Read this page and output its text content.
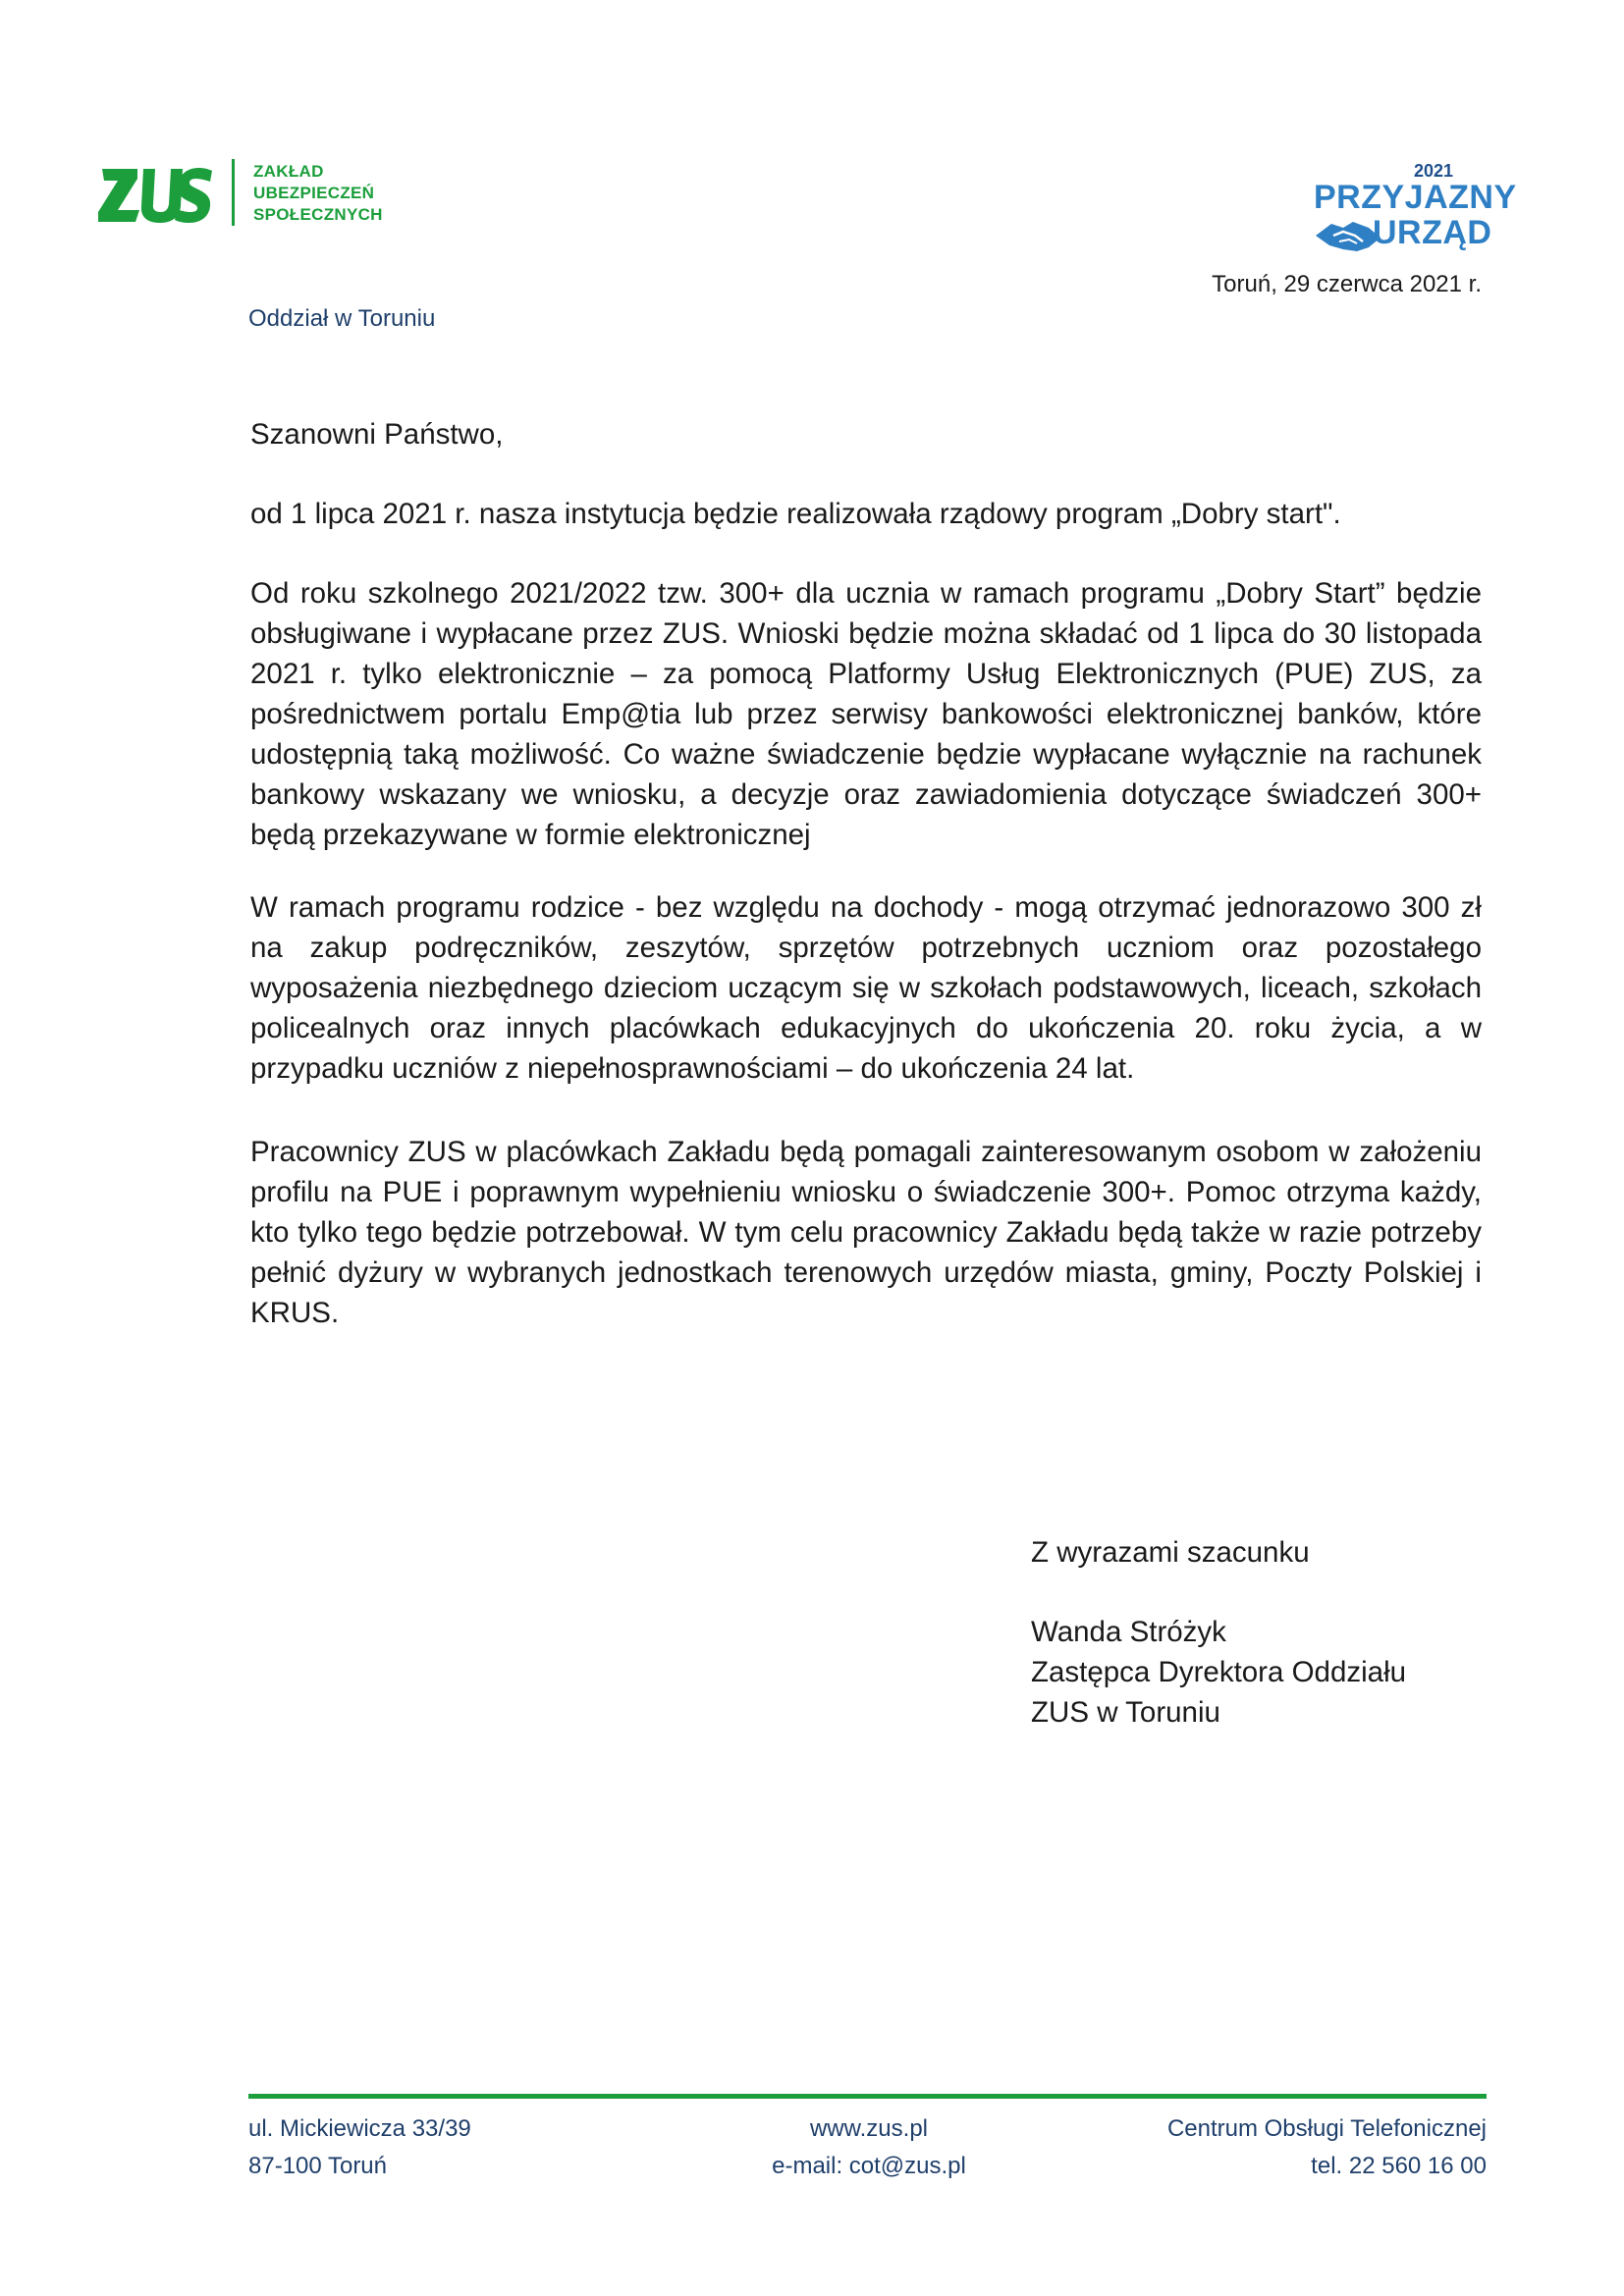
ZAKŁAD
UBEZPIECZEŃ
SPOŁECZNYCH
2021
PRZYJAZNY
URZĄD
Toruń, 29 czerwca 2021 r.
Oddział w Toruniu

Szanowni Państwo,

od 1 lipca 2021 r. nasza instytucja będzie realizowała rządowy program „Dobry start".

Od roku szkolnego 2021/2022 tzw. 300+ dla ucznia w ramach programu „Dobry Start” będzie obsługiwane i wypłacane przez ZUS. Wnioski będzie można składać od 1 lipca do 30 listopada 2021 r. tylko elektronicznie – za pomocą Platformy Usług Elektronicznych (PUE) ZUS, za pośrednictwem portalu Emp@tia lub przez serwisy bankowości elektronicznej banków, które udostępnią taką możliwość. Co ważne świadczenie będzie wypłacane wyłącznie na rachunek bankowy wskazany we wniosku, a decyzje oraz zawiadomienia dotyczące świadczeń 300+ będą przekazywane w formie elektronicznej

W ramach programu rodzice - bez względu na dochody - mogą otrzymać jednorazowo 300 zł na zakup podręczników, zeszytów, sprzętów potrzebnych uczniom oraz pozostałego wyposażenia niezbędnego dzieciom uczącym się w szkołach podstawowych, liceach, szkołach policealnych oraz innych placówkach edukacyjnych do ukończenia 20. roku życia, a w przypadku uczniów z niepełnosprawnościami – do ukończenia 24 lat.

Pracownicy ZUS w placówkach Zakładu będą pomagali zainteresowanym osobom w założeniu profilu na PUE i poprawnym wypełnieniu wniosku o świadczenie 300+. Pomoc otrzyma każdy, kto tylko tego będzie potrzebował. W tym celu pracownicy Zakładu będą także w razie potrzeby pełnić dyżury w wybranych jednostkach terenowych urzędów miasta, gminy, Poczty Polskiej i KRUS.

Z wyrazami szacunku
Wanda Stróżyk
Zastępca Dyrektora Oddziału
ZUS w Toruniu
ul. Mickiewicza 33/39
87-100 Toruń
www.zus.pl
e-mail: cot@zus.pl
Centrum Obsługi Telefonicznej
tel. 22 560 16 00
